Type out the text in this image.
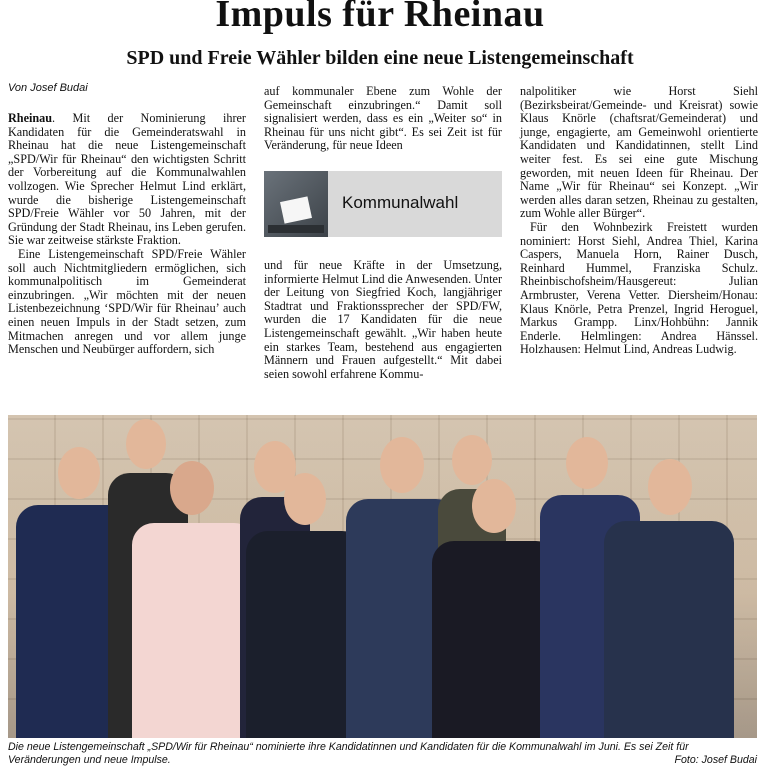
Impuls für Rheinau
SPD und Freie Wähler bilden eine neue Listengemeinschaft
Von Josef Budai

Rheinau. Mit der Nominierung ihrer Kandidaten für die Gemeinderatswahl in Rheinau hat die neue Listengemeinschaft „SPD/Wir für Rheinau“ den wichtigsten Schritt der Vorbereitung auf die Kommunalwahlen vollzogen. Wie Sprecher Helmut Lind erklärt, wurde die bisherige Listengemeinschaft SPD/Freie Wähler vor 50 Jahren, mit der Gründung der Stadt Rheinau, ins Leben gerufen. Sie war zeitweise stärkste Fraktion.

Eine Listengemeinschaft SPD/Freie Wähler soll auch Nichtmitgliedern ermöglichen, sich kommunalpolitisch im Gemeinderat einzubringen. „Wir möchten mit der neuen Listenbezeichnung ‘SPD/Wir für Rheinau’ auch einen neuen Impuls in der Stadt setzen, zum Mitmachen anregen und vor allem junge Menschen und Neubürger auffordern, sich

auf kommunaler Ebene zum Wohle der Gemeinschaft einzubringen.“ Damit soll signalisiert werden, dass es ein „Weiter so“ in Rheinau für uns nicht gibt“. Es sei Zeit ist für Veränderung, für neue Ideen

Kommunalwahl

und für neue Kräfte in der Umsetzung, informierte Helmut Lind die Anwesenden. Unter der Leitung von Siegfried Koch, langjähriger Stadtrat und Fraktionssprecher der SPD/FW, wurden die 17 Kandidaten für die neue Listengemeinschaft gewählt. „Wir haben heute ein starkes Team, bestehend aus engagierten Männern und Frauen aufgestellt.“ Mit dabei seien sowohl erfahrene Kommu-

nalpolitiker wie Horst Siehl (Bezirksbeirat/Gemeinde- und Kreisrat) sowie Klaus Knörle (chaftsrat/Gemeinderat) und junge, engagierte, am Gemeinwohl orientierte Kandidaten und Kandidatinnen, stellt Lind weiter fest. Es sei eine gute Mischung geworden, mit neuen Ideen für Rheinau. Der Name „Wir für Rheinau“ sei Konzept. „Wir werden alles daran setzen, Rheinau zu gestalten, zum Wohle aller Bürger“.

Für den Wohnbezirk Freistett wurden nominiert: Horst Siehl, Andrea Thiel, Karina Caspers, Manuela Horn, Rainer Dusch, Reinhard Hummel, Franziska Schulz. Rheinbischofsheim/Hausgereut: Julian Armbruster, Verena Vetter. Diersheim/Honau: Klaus Knörle, Petra Prenzel, Ingrid Heroguel, Markus Grampp. Linx/Hohbühn: Jannik Enderle. Helmlingen: Andrea Hänssel. Holzhausen: Helmut Lind, Andreas Ludwig.

Die neue Listengemeinschaft „SPD/Wir für Rheinau“ nominierte ihre Kandidatinnen und Kandidaten für die Kommunalwahl im Juni. Es sei Zeit für Veränderungen und neue Impulse.	Foto: Josef Budai
